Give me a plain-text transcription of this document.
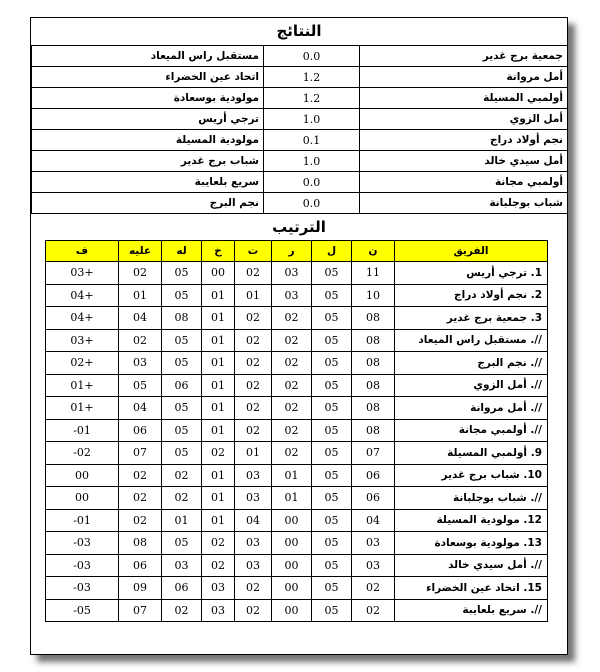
النتائج
جمعية برج غدير	0.0	مستقبل راس الميعاد
أمل مروانة	1.2	اتحاد عين الخضراء
أولمبي المسيلة	1.2	مولودية بوسعادة
أمل الزوي	1.0	ترجي أريس
نجم أولاد دراج	0.1	مولودية المسيلة
أمل سيدي خالد	1.0	شباب برج غدير
أولمبي مجانة	0.0	سريع بلعايبة
شباب بوجلبانة	0.0	نجم البرج
الترتيب
الفريق	ن	ل	ر	ت	خ	له	عليه	ف
1. ترجي أريس	11	05	03	02	00	05	02	+03
2. نجم أولاد دراج	10	05	03	01	01	05	01	+04
3. جمعية برج غدير	08	05	02	02	01	08	04	+04
//. مستقبل راس الميعاد	08	05	02	02	01	05	02	+03
//. نجم البرج	08	05	02	02	01	05	03	+02
//. أمل الزوي	08	05	02	02	01	06	05	+01
//. أمل مروانة	08	05	02	02	01	05	04	+01
//. أولمبي مجانة	08	05	02	02	01	05	06	01-
9. أولمبي المسيلة	07	05	02	01	02	05	07	02-
10. شباب برج غدير	06	05	01	03	01	02	02	00
//. شباب بوجلبانة	06	05	01	03	01	02	02	00
12. مولودية المسيلة	04	05	00	04	01	01	02	01-
13. مولودية بوسعادة	03	05	00	03	02	05	08	03-
//. أمل سيدي خالد	03	05	00	03	02	03	06	03-
15. اتحاد عين الخضراء	02	05	00	02	03	06	09	03-
//. سريع بلعايبة	02	05	00	02	03	02	07	05-
